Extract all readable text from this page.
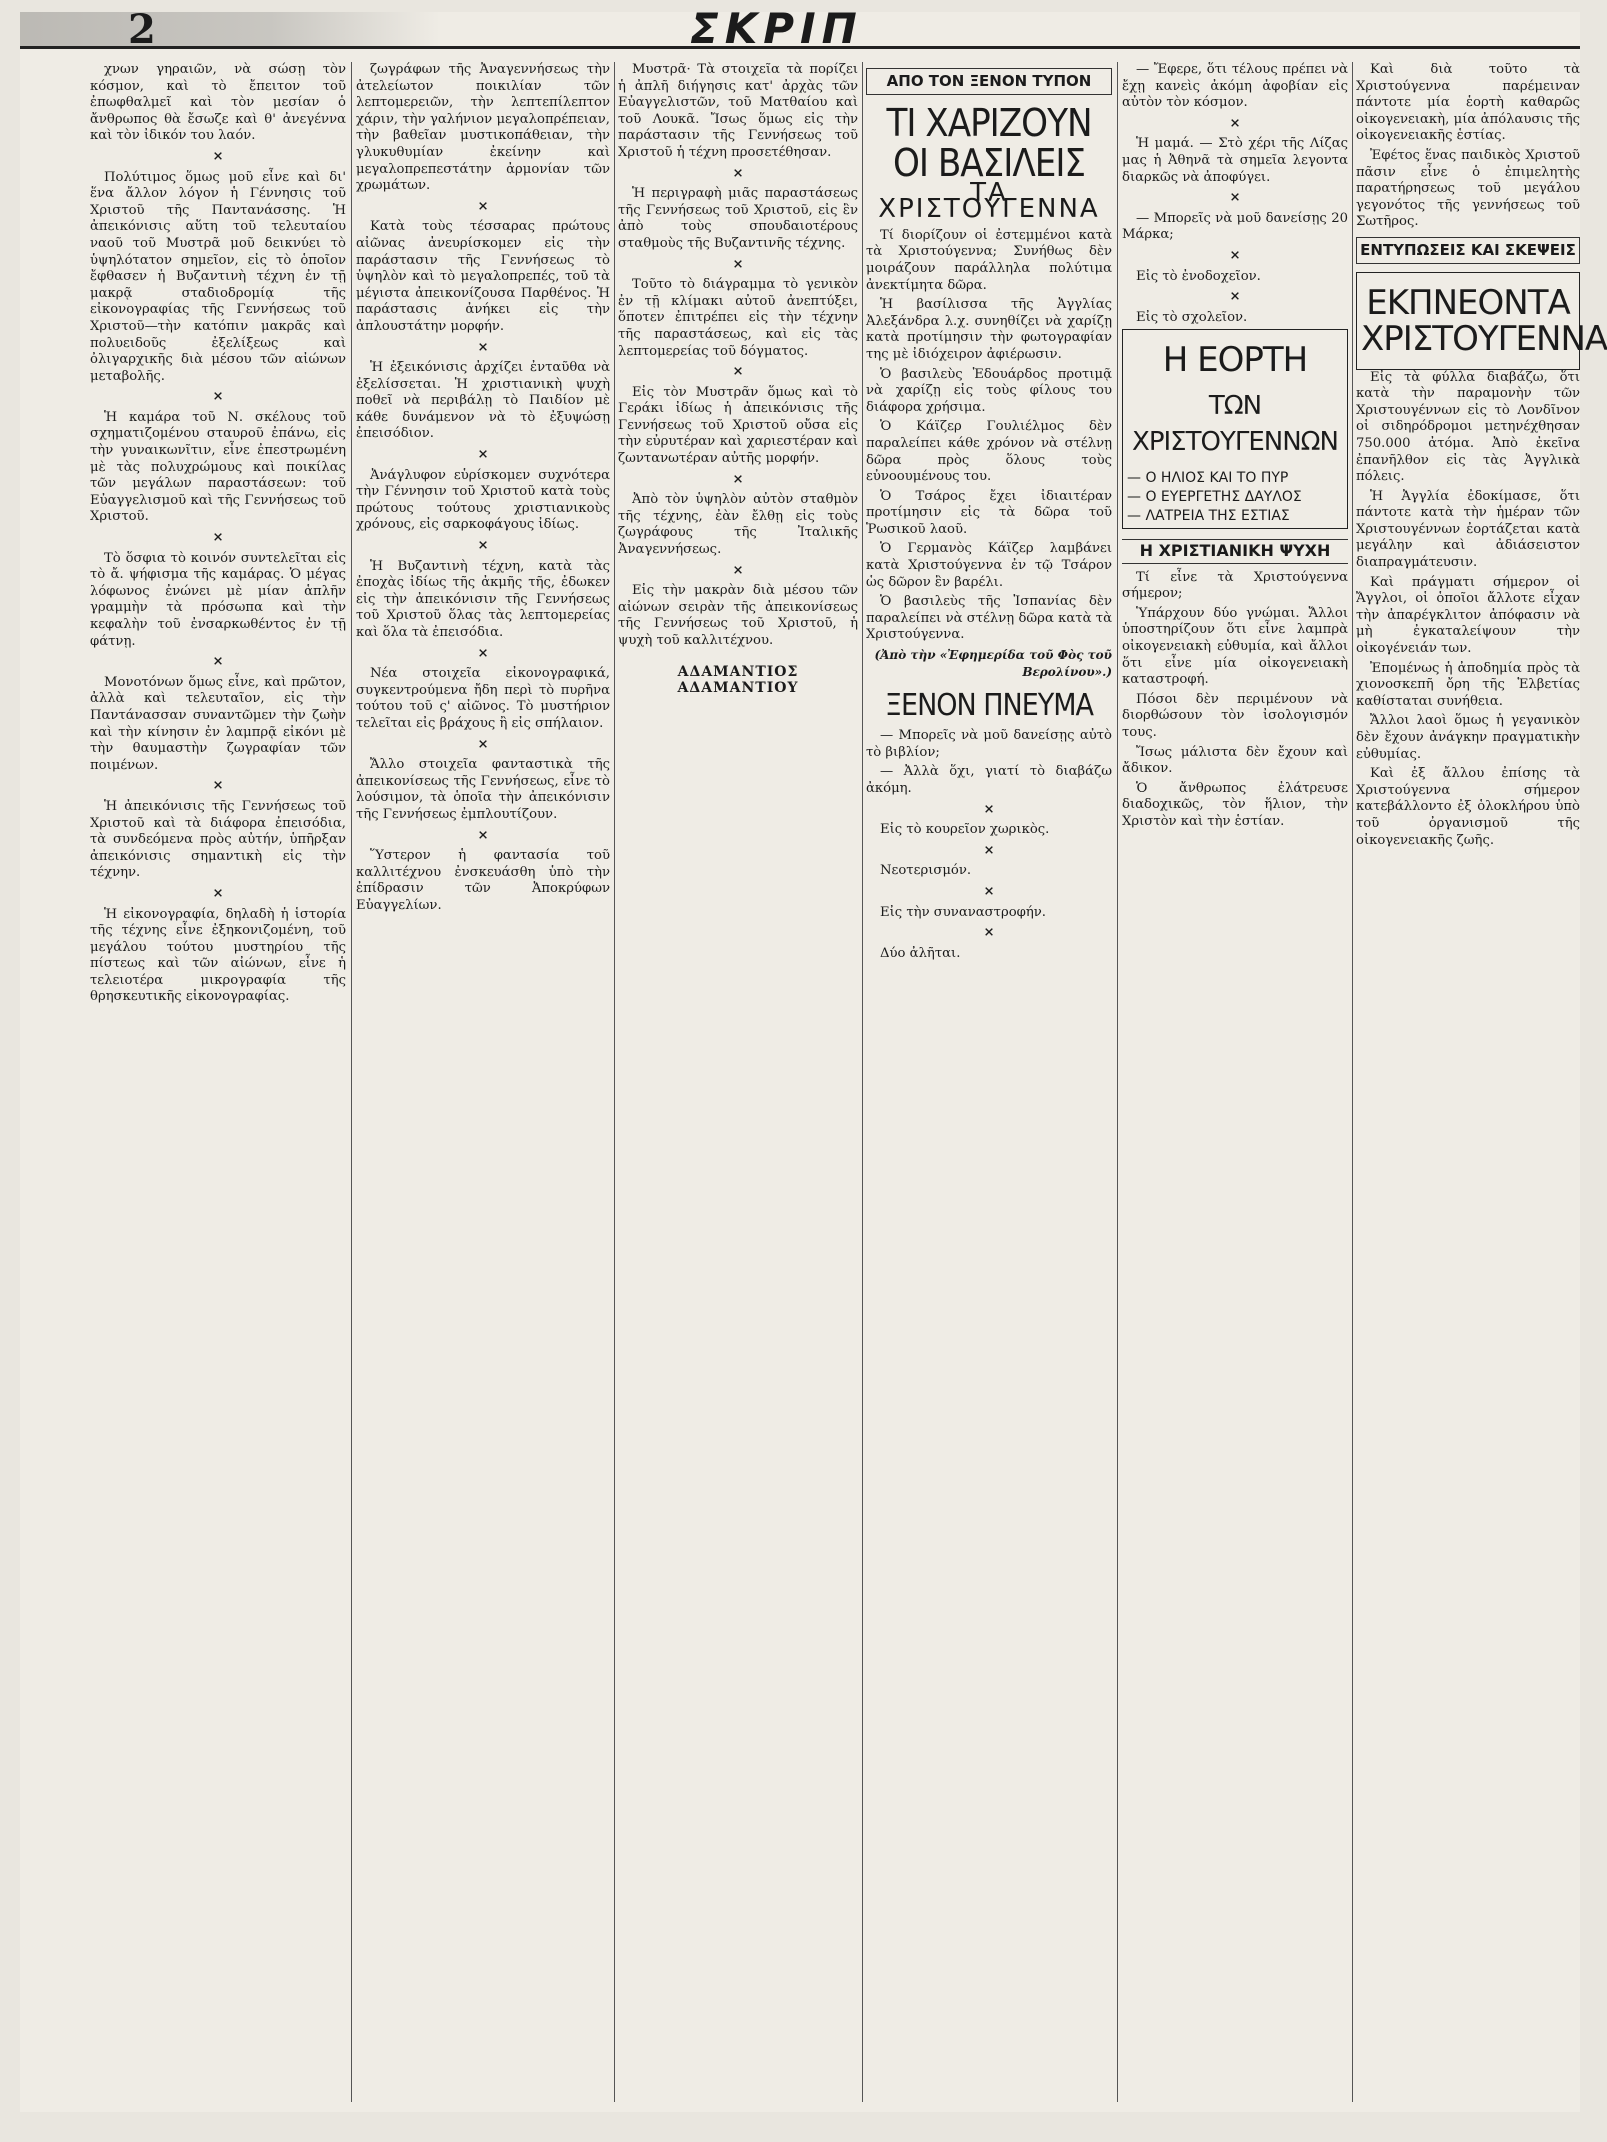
2	ΣΚΡΙΠ

χνων γηραιῶν, νὰ σώσῃ τὸν κόσμον, καὶ τὸ ἔπειτον τοῦ ἐπωφθαλμεῖ καὶ τὸν μεσίαν ὁ ἄνθρωπος θὰ ἔσωζε καὶ θ' ἀνεγέννα καὶ τὸν ἰδικόν του λαόν.

×

Πολύτιμος ὅμως μοῦ εἶνε καὶ δι' ἕνα ἄλλον λόγον ἡ Γέννησις τοῦ Χριστοῦ τῆς Παντανάσσης. Ἡ ἀπεικόνισις αὕτη τοῦ τελευταίου ναοῦ τοῦ Μυστρᾶ μοῦ δεικνύει τὸ ὑψηλότατον σημεῖον, εἰς τὸ ὁποῖον ἔφθασεν ἡ Βυζαντινὴ τέχνη ἐν τῇ μακρᾷ σταδιοδρομίᾳ τῆς εἰκονογραφίας τῆς Γεννήσεως τοῦ Χριστοῦ—τὴν κατόπιν μακρᾶς καὶ πολυειδοῦς ἐξελίξεως καὶ ὀλιγαρχικῆς διὰ μέσου τῶν αἰώνων μεταβολῆς.

×

Ἡ καμάρα τοῦ Ν. σκέλους τοῦ σχηματιζομένου σταυροῦ ἐπάνω, εἰς τὴν γυναικωνῖτιν, εἶνε ἐπεστρωμένη μὲ τὰς πολυχρώμους καὶ ποικίλας τῶν μεγάλων παραστάσεων: τοῦ Εὐαγγελισμοῦ καὶ τῆς Γεννήσεως τοῦ Χριστοῦ.

×

Τὸ ὅσφια τὸ κοινόν συντελεῖται εἰς τὸ ἄ. ψήφισμα τῆς καμάρας. Ὁ μέγας λόφωνος ἐνώνει μὲ μίαν ἁπλῆν γραμμὴν τὰ πρόσωπα καὶ τὴν κεφαλὴν τοῦ ἐνσαρκωθέντος ἐν τῇ φάτνῃ.

×

Μονοτόνων ὅμως εἶνε, καὶ πρῶτον, ἀλλὰ καὶ τελευταῖον, εἰς τὴν Παντάνασσαν συναντῶμεν τὴν ζωὴν καὶ τὴν κίνησιν ἐν λαμπρᾷ εἰκόνι μὲ τὴν θαυμαστὴν ζωγραφίαν τῶν ποιμένων.

×

Ἡ ἀπεικόνισις τῆς Γεννήσεως τοῦ Χριστοῦ καὶ τὰ διάφορα ἐπεισόδια, τὰ συνδεόμενα πρὸς αὐτήν, ὑπῆρξαν ἀπεικόνισις σημαντικὴ εἰς τὴν τέχνην.

×

Ἡ εἰκονογραφία, δηλαδὴ ἡ ἱστορία τῆς τέχνης εἶνε ἐξηκονιζομένη, τοῦ μεγάλου τούτου μυστηρίου τῆς πίστεως καὶ τῶν αἰώνων, εἶνε ἡ τελειοτέρα μικρογραφία τῆς θρησκευτικῆς εἰκονογραφίας.

ζωγράφων τῆς Ἀναγεννήσεως τὴν ἀτελείωτον ποικιλίαν τῶν λεπτομερειῶν, τὴν λεπτεπίλεπτον χάριν, τὴν γαλήνιον μεγαλοπρέπειαν, τὴν βαθεῖαν μυστικοπάθειαν, τὴν γλυκυθυμίαν ἐκείνην καὶ μεγαλοπρεπεστάτην ἀρμονίαν τῶν χρωμάτων.

×

Κατὰ τοὺς τέσσαρας πρώτους αἰῶνας ἀνευρίσκομεν εἰς τὴν παράστασιν τῆς Γεννήσεως τὸ ὑψηλὸν καὶ τὸ μεγαλοπρεπές, τοῦ τὰ μέγιστα ἀπεικονίζουσα Παρθένος. Ἡ παράστασις ἀνήκει εἰς τὴν ἀπλουστάτην μορφήν.

×

Ἡ ἐξεικόνισις ἀρχίζει ἐνταῦθα νὰ ἐξελίσσεται. Ἡ χριστιανικὴ ψυχὴ ποθεῖ νὰ περιβάλῃ τὸ Παιδίον μὲ κάθε δυνάμενον νὰ τὸ ἐξυψώσῃ ἐπεισόδιον.

×

Ἀνάγλυφον εὑρίσκομεν συχνότερα τὴν Γέννησιν τοῦ Χριστοῦ κατὰ τοὺς πρώτους τούτους χριστιανικοὺς χρόνους, εἰς σαρκοφάγους ἰδίως.

×

Ἡ Βυζαντινὴ τέχνη, κατὰ τὰς ἐποχὰς ἰδίως τῆς ἀκμῆς τῆς, ἐδωκεν εἰς τὴν ἀπεικόνισιν τῆς Γεννήσεως τοῦ Χριστοῦ ὅλας τὰς λεπτομερείας καὶ ὅλα τὰ ἐπεισόδια.

×

Νέα στοιχεῖα εἰκονογραφικά, συγκεντρούμενα ἤδη περὶ τὸ πυρῆνα τούτου τοῦ ς' αἰῶνος. Τὸ μυστήριον τελεῖται εἰς βράχους ἢ εἰς σπήλαιον.

×

Ἄλλο στοιχεῖα φανταστικὰ τῆς ἀπεικονίσεως τῆς Γεννήσεως, εἶνε τὸ λούσιμον, τὰ ὁποῖα τὴν ἀπεικόνισιν τῆς Γεννήσεως ἐμπλουτίζουν.

×

Ὕστερον ἡ φαντασία τοῦ καλλιτέχνου ἐνσκευάσθη ὑπὸ τὴν ἐπίδρασιν τῶν Ἀποκρύφων Εὐαγγελίων.

Μυστρᾶ· Τὰ στοιχεῖα τὰ πορίζει ἡ ἀπλῆ διήγησις κατ' ἀρχὰς τῶν Εὐαγγελιστῶν, τοῦ Ματθαίου καὶ τοῦ Λουκᾶ. Ἴσως ὅμως εἰς τὴν παράστασιν τῆς Γεννήσεως τοῦ Χριστοῦ ἡ τέχνη προσετέθησαν.

×

Ἡ περιγραφὴ μιᾶς παραστάσεως τῆς Γεννήσεως τοῦ Χριστοῦ, εἰς ἓν ἀπὸ τοὺς σπουδαιοτέρους σταθμοὺς τῆς Βυζαντινῆς τέχνης.

×

Τοῦτο τὸ διάγραμμα τὸ γενικὸν ἐν τῇ κλίμακι αὐτοῦ ἀνεπτύξει, ὅποτεν ἐπιτρέπει εἰς τὴν τέχνην τῆς παραστάσεως, καὶ εἰς τὰς λεπτομερείας τοῦ δόγματος.

×

Εἰς τὸν Μυστρᾶν ὅμως καὶ τὸ Γεράκι ἰδίως ἡ ἀπεικόνισις τῆς Γεννήσεως τοῦ Χριστοῦ οὔσα εἰς τὴν εὐρυτέραν καὶ χαριεστέραν καὶ ζωντανωτέραν αὐτῆς μορφήν.

×

Ἀπὸ τὸν ὑψηλὸν αὐτὸν σταθμὸν τῆς τέχνης, ἐὰν ἔλθῃ εἰς τοὺς ζωγράφους τῆς Ἰταλικῆς Ἀναγεννήσεως.

×

Εἰς τὴν μακρὰν διὰ μέσου τῶν αἰώνων σειρὰν τῆς ἀπεικονίσεως τῆς Γεννήσεως τοῦ Χριστοῦ, ἡ ψυχὴ τοῦ καλλιτέχνου.

ΑΔΑΜΑΝΤΙΟΣ ΑΔΑΜΑΝΤΙΟΥ
ΑΠΟ ΤΟΝ ΞΕΝΟΝ ΤΥΠΟΝ
ΤΙ ΧΑΡΙΖΟΥΝ ΟΙ ΒΑΣΙΛΕΙΣ
ΤΑ ΧΡΙΣΤΟΥΓΕΝΝΑ

Τί διορίζουν οἱ ἐστεμμένοι κατὰ τὰ Χριστούγεννα; Συνήθως δὲν μοιράζουν παράλληλα πολύτιμα ἀνεκτίμητα δῶρα.

Ἡ βασίλισσα τῆς Ἀγγλίας Ἀλεξάνδρα λ.χ. συνηθίζει νὰ χαρίζῃ κατὰ προτίμησιν τὴν φωτογραφίαν της μὲ ἰδιόχειρον ἀφιέρωσιν.

Ὁ βασιλεὺς Ἐδουάρδος προτιμᾷ νὰ χαρίζῃ εἰς τοὺς φίλους του διάφορα χρήσιμα.

Ὁ Κάϊζερ Γουλιέλμος δὲν παραλείπει κάθε χρόνον νὰ στέλνῃ δῶρα πρὸς ὅλους τοὺς εὐνοουμένους του.

Ὁ Τσάρος ἔχει ἰδιαιτέραν προτίμησιν εἰς τὰ δῶρα τοῦ Ῥωσικοῦ λαοῦ.

Ὁ Γερμανὸς Κάϊζερ λαμβάνει κατὰ Χριστούγεννα ἐν τῷ Τσάρον ὡς δῶρον ἓν βαρέλι.

Ὁ βασιλεὺς τῆς Ἰσπανίας δὲν παραλείπει νὰ στέλνῃ δῶρα κατὰ τὰ Χριστούγεννα.

(Ἀπὸ τὴν «Ἐφημερίδα τοῦ Φὸς τοῦ Βερολίνου».)
ΞΕΝΟΝ ΠΝΕΥΜΑ

— Μπορεῖς νὰ μοῦ δανείσῃς αὐτὸ τὸ βιβλίον;

— Ἀλλὰ ὅχι, γιατί τὸ διαβάζω ἀκόμη.

×

Εἰς τὸ κουρεῖον χωρικὸς.

×

Νεοτερισμόν.

×

Εἰς τὴν συναναστροφήν.

×

Δύο ἀλῆται.

— Ἔφερε, ὅτι τέλους πρέπει νὰ ἔχῃ κανεὶς ἀκόμη ἀφοβίαν εἰς αὐτὸν τὸν κόσμον.

×

Ἡ μαμά. — Στὸ χέρι τῆς Λίζας μας ἡ Ἀθηνᾶ τὰ σημεῖα λεγοντα διαρκῶς νὰ ἀποφύγει.

×

— Μπορεῖς νὰ μοῦ δανείσῃς 20 Μάρκα;

×

Εἰς τὸ ἐνοδοχεῖον.

×

Εἰς τὸ σχολεῖον.

Η ΕΟΡΤΗ
ΤΩΝ ΧΡΙΣΤΟΥΓΕΝΝΩΝ
— Ο ΗΛΙΟΣ ΚΑΙ ΤΟ ΠΥΡ
— Ο ΕΥΕΡΓΕΤΗΣ ΔΑΥΛΟΣ
— ΛΑΤΡΕΙΑ ΤΗΣ ΕΣΤΙΑΣ
Η ΧΡΙΣΤΙΑΝΙΚΗ ΨΥΧΗ

Τί εἶνε τὰ Χριστούγεννα σήμερον;

Ὑπάρχουν δύο γνώμαι. Ἄλλοι ὑποστηρίζουν ὅτι εἶνε λαμπρὰ οἰκογενειακὴ εὐθυμία, καὶ ἄλλοι ὅτι εἶνε μία οἰκογενειακὴ καταστροφή.

Πόσοι δὲν περιμένουν νὰ διορθώσουν τὸν ἰσολογισμόν τους.

Ἴσως μάλιστα δὲν ἔχουν καὶ ἄδικον.

Ὁ ἄνθρωπος ἐλάτρευσε διαδοχικῶς, τὸν ἥλιον, τὴν Χριστὸν καὶ τὴν ἑστίαν.

Καὶ διὰ τοῦτο τὰ Χριστούγεννα παρέμειναν πάντοτε μία ἑορτὴ καθαρῶς οἰκογενειακὴ, μία ἀπόλαυσις τῆς οἰκογενειακῆς ἑστίας.

Ἐφέτος ἕνας παιδικὸς Χριστοῦ πᾶσιν εἶνε ὁ ἐπιμελητὴς παρατήρησεως τοῦ μεγάλου γεγονότος τῆς γεννήσεως τοῦ Σωτῆρος.

ΕΝΤΥΠΩΣΕΙΣ ΚΑΙ ΣΚΕΨΕΙΣ
ΕΚΠΝΕΟΝΤΑ ΧΡΙΣΤΟΥΓΕΝΝΑ

Εἰς τὰ φύλλα διαβάζω, ὅτι κατὰ τὴν παραμονὴν τῶν Χριστουγέννων εἰς τὸ Λονδῖνον οἱ σιδηρόδρομοι μετηνέχθησαν 750.000 ἀτόμα. Ἀπὸ ἐκεῖνα ἐπανῆλθον εἰς τὰς Ἀγγλικὰ πόλεις.

Ἡ Ἀγγλία ἐδοκίμασε, ὅτι πάντοτε κατὰ τὴν ἡμέραν τῶν Χριστουγέννων ἐορτάζεται κατὰ μεγάλην καὶ ἀδιάσειστον διαπραγμάτευσιν.

Καὶ πράγματι σήμερον οἱ Ἄγγλοι, οἱ ὁποῖοι ἄλλοτε εἶχαν τὴν ἀπαρέγκλιτον ἀπόφασιν νὰ μὴ ἐγκαταλείψουν τὴν οἰκογένειάν των.

Ἐπομένως ἡ ἀποδημία πρὸς τὰ χιονοσκεπῆ ὄρη τῆς Ἑλβετίας καθίσταται συνήθεια.

Ἄλλοι λαοὶ ὅμως ἡ γεγανικὸν δὲν ἔχουν ἀνάγκην πραγματικὴν εὐθυμίας.

Καὶ ἐξ ἄλλου ἐπίσης τὰ Χριστούγεννα σήμερον κατεβάλλοντο ἐξ ὁλοκλήρου ὑπὸ τοῦ ὀργανισμοῦ τῆς οἰκογενειακῆς ζωῆς.
